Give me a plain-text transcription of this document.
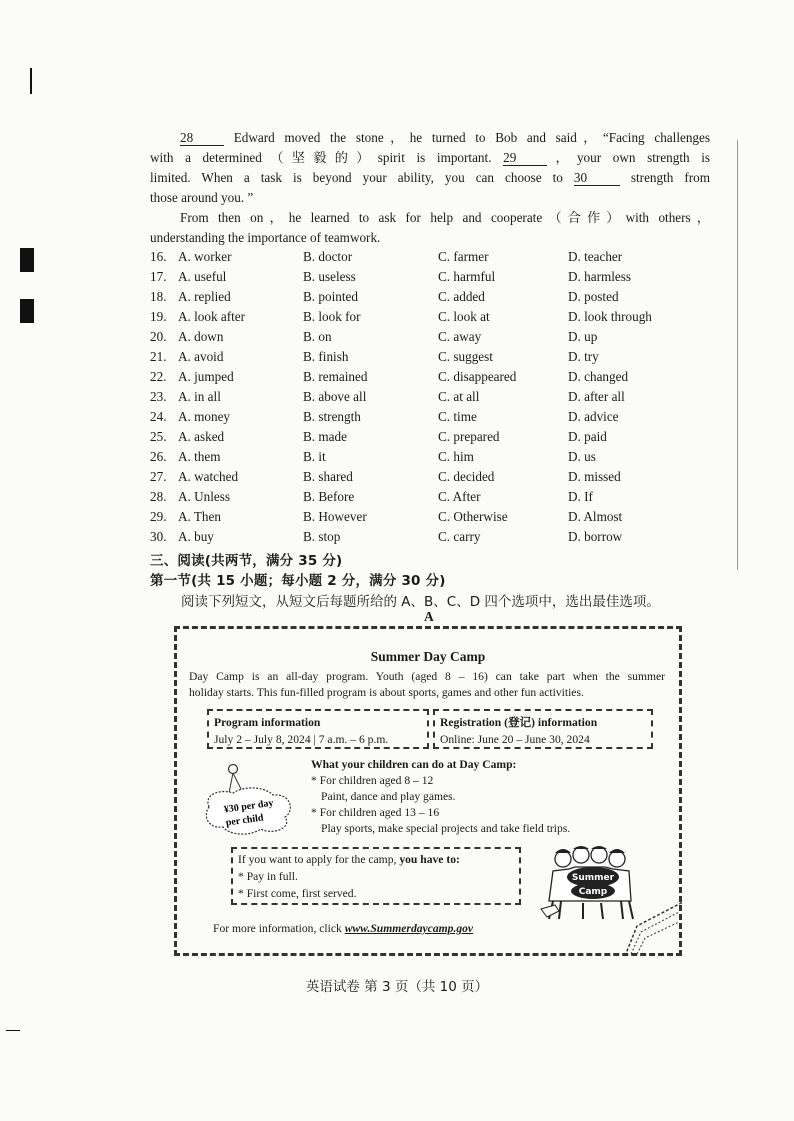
28	Edward moved the stone，he turned to Bob and said，“Facing challenges

with a determined（坚毅的）spirit is important. 29 ，your own strength is

limited. When a task is beyond your ability, you can choose to 30	strength from

those around you. ”

From then on，he learned to ask for help and cooperate（合作）with others，

understanding the importance of teamwork.

16. A. worker	B. doctor	C. farmer	D. teacher
17. A. useful	B. useless	C. harmful	D. harmless
18. A. replied	B. pointed	C. added	D. posted
19. A. look after	B. look for	C. look at	D. look through
20. A. down	B. on	C. away	D. up
21. A. avoid	B. finish	C. suggest	D. try
22. A. jumped	B. remained	C. disappeared	D. changed
23. A. in all	B. above all	C. at all	D. after all
24. A. money	B. strength	C. time	D. advice
25. A. asked	B. made	C. prepared	D. paid
26. A. them	B. it	C. him	D. us
27. A. watched	B. shared	C. decided	D. missed
28. A. Unless	B. Before	C. After	D. If
29. A. Then	B. However	C. Otherwise	D. Almost
30. A. buy	B. stop	C. carry	D. borrow
三、阅读(共两节，满分 35 分)
第一节(共 15 小题；每小题 2 分，满分 30 分)
阅读下列短文，从短文后每题所给的 A、B、C、D 四个选项中，选出最佳选项。
A
Summer Day Camp
Day Camp is an all-day program. Youth (aged 8 – 16) can take part when the summer
holiday starts. This fun-filled program is about sports, games and other fun activities.
Program information
July 2 – July 8, 2024 | 7 a.m. – 6 p.m.
Registration (登记) information
Online: June 20 – June 30, 2024
¥30 per day
per child
What your children can do at Day Camp:
* For children aged 8 – 12
Paint, dance and play games.
* For children aged 13 – 16
Play sports, make special projects and take field trips.
If you want to apply for the camp, you have to:
* Pay in full.
* First come, first served.
Summer
Camp
For more information, click www.Summerdaycamp.gov
英语试卷 第 3 页（共 10 页）
